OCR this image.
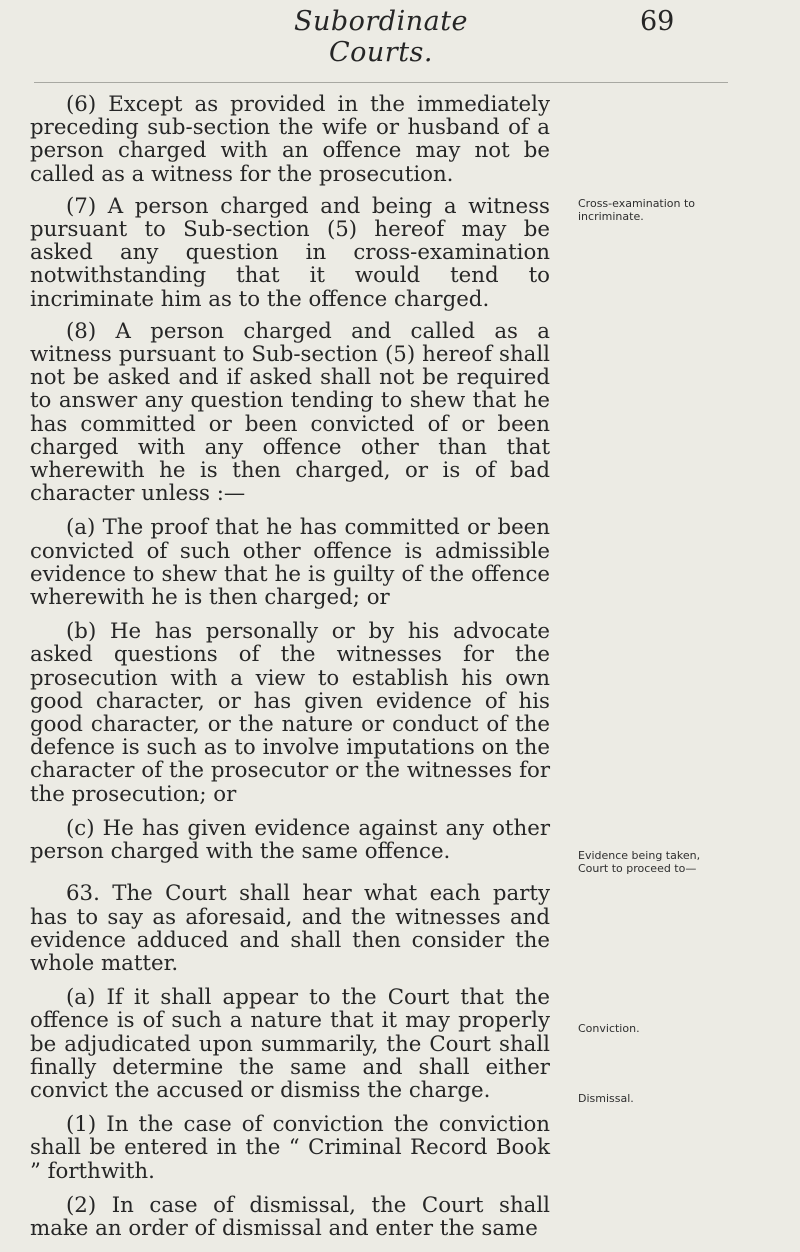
Subordinate Courts.
69

(6) Except as provided in the immediately preceding sub-section the wife or husband of a person charged with an offence may not be called as a witness for the prosecution.

(7) A person charged and being a witness pursuant to Sub-section (5) hereof may be asked any question in cross-examination notwithstanding that it would tend to incriminate him as to the offence charged.

(8) A person charged and called as a witness pursuant to Sub-section (5) hereof shall not be asked and if asked shall not be required to answer any question tending to shew that he has committed or been convicted of or been charged with any offence other than that wherewith he is then charged, or is of bad character unless :—

(a) The proof that he has committed or been convicted of such other offence is admissible evidence to shew that he is guilty of the offence wherewith he is then charged; or

(b) He has personally or by his advocate asked questions of the witnesses for the prosecution with a view to establish his own good character, or has given evidence of his good character, or the nature or conduct of the defence is such as to involve imputations on the character of the prosecutor or the witnesses for the prosecution; or

(c) He has given evidence against any other person charged with the same offence.

63. The Court shall hear what each party has to say as aforesaid, and the witnesses and evidence adduced and shall then consider the whole matter.

(a) If it shall appear to the Court that the offence is of such a nature that it may properly be adjudicated upon summarily, the Court shall finally determine the same and shall either convict the accused or dismiss the charge.

(1) In the case of conviction the conviction shall be entered in the “ Criminal Record Book ” forthwith.

(2) In case of dismissal, the Court shall make an order of dismissal and enter the same

Cross-examination to incriminate.
Evidence being taken, Court to proceed to—
Conviction.
Dismissal.
